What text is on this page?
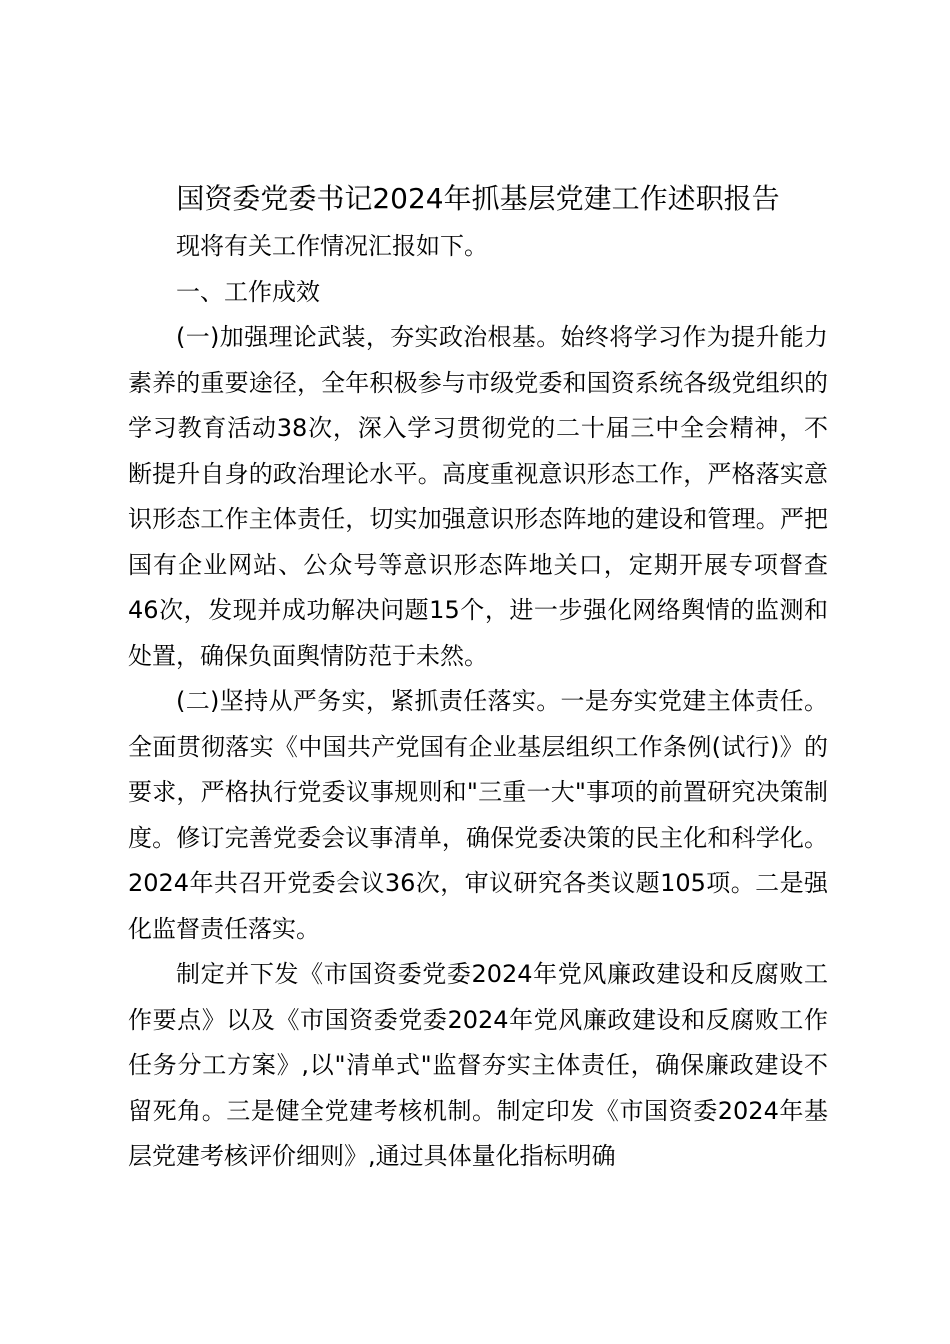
国资委党委书记2024年抓基层党建工作述职报告

现将有关工作情况汇报如下。

一、工作成效

(一)加强理论武装，夯实政治根基。始终将学习作为提升能力素养的重要途径，全年积极参与市级党委和国资系统各级党组织的学习教育活动38次，深入学习贯彻党的二十届三中全会精神，不断提升自身的政治理论水平。高度重视意识形态工作，严格落实意识形态工作主体责任，切实加强意识形态阵地的建设和管理。严把国有企业网站、公众号等意识形态阵地关口，定期开展专项督查46次，发现并成功解决问题15个，进一步强化网络舆情的监测和处置，确保负面舆情防范于未然。

(二)坚持从严务实，紧抓责任落实。一是夯实党建主体责任。全面贯彻落实《中国共产党国有企业基层组织工作条例(试行)》的要求，严格执行党委议事规则和"三重一大"事项的前置研究决策制度。修订完善党委会议事清单，确保党委决策的民主化和科学化。2024年共召开党委会议36次，审议研究各类议题105项。二是强化监督责任落实。

制定并下发《市国资委党委2024年党风廉政建设和反腐败工作要点》以及《市国资委党委2024年党风廉政建设和反腐败工作任务分工方案》,以"清单式"监督夯实主体责任，确保廉政建设不留死角。三是健全党建考核机制。制定印发《市国资委2024年基层党建考核评价细则》,通过具体量化指标明确
